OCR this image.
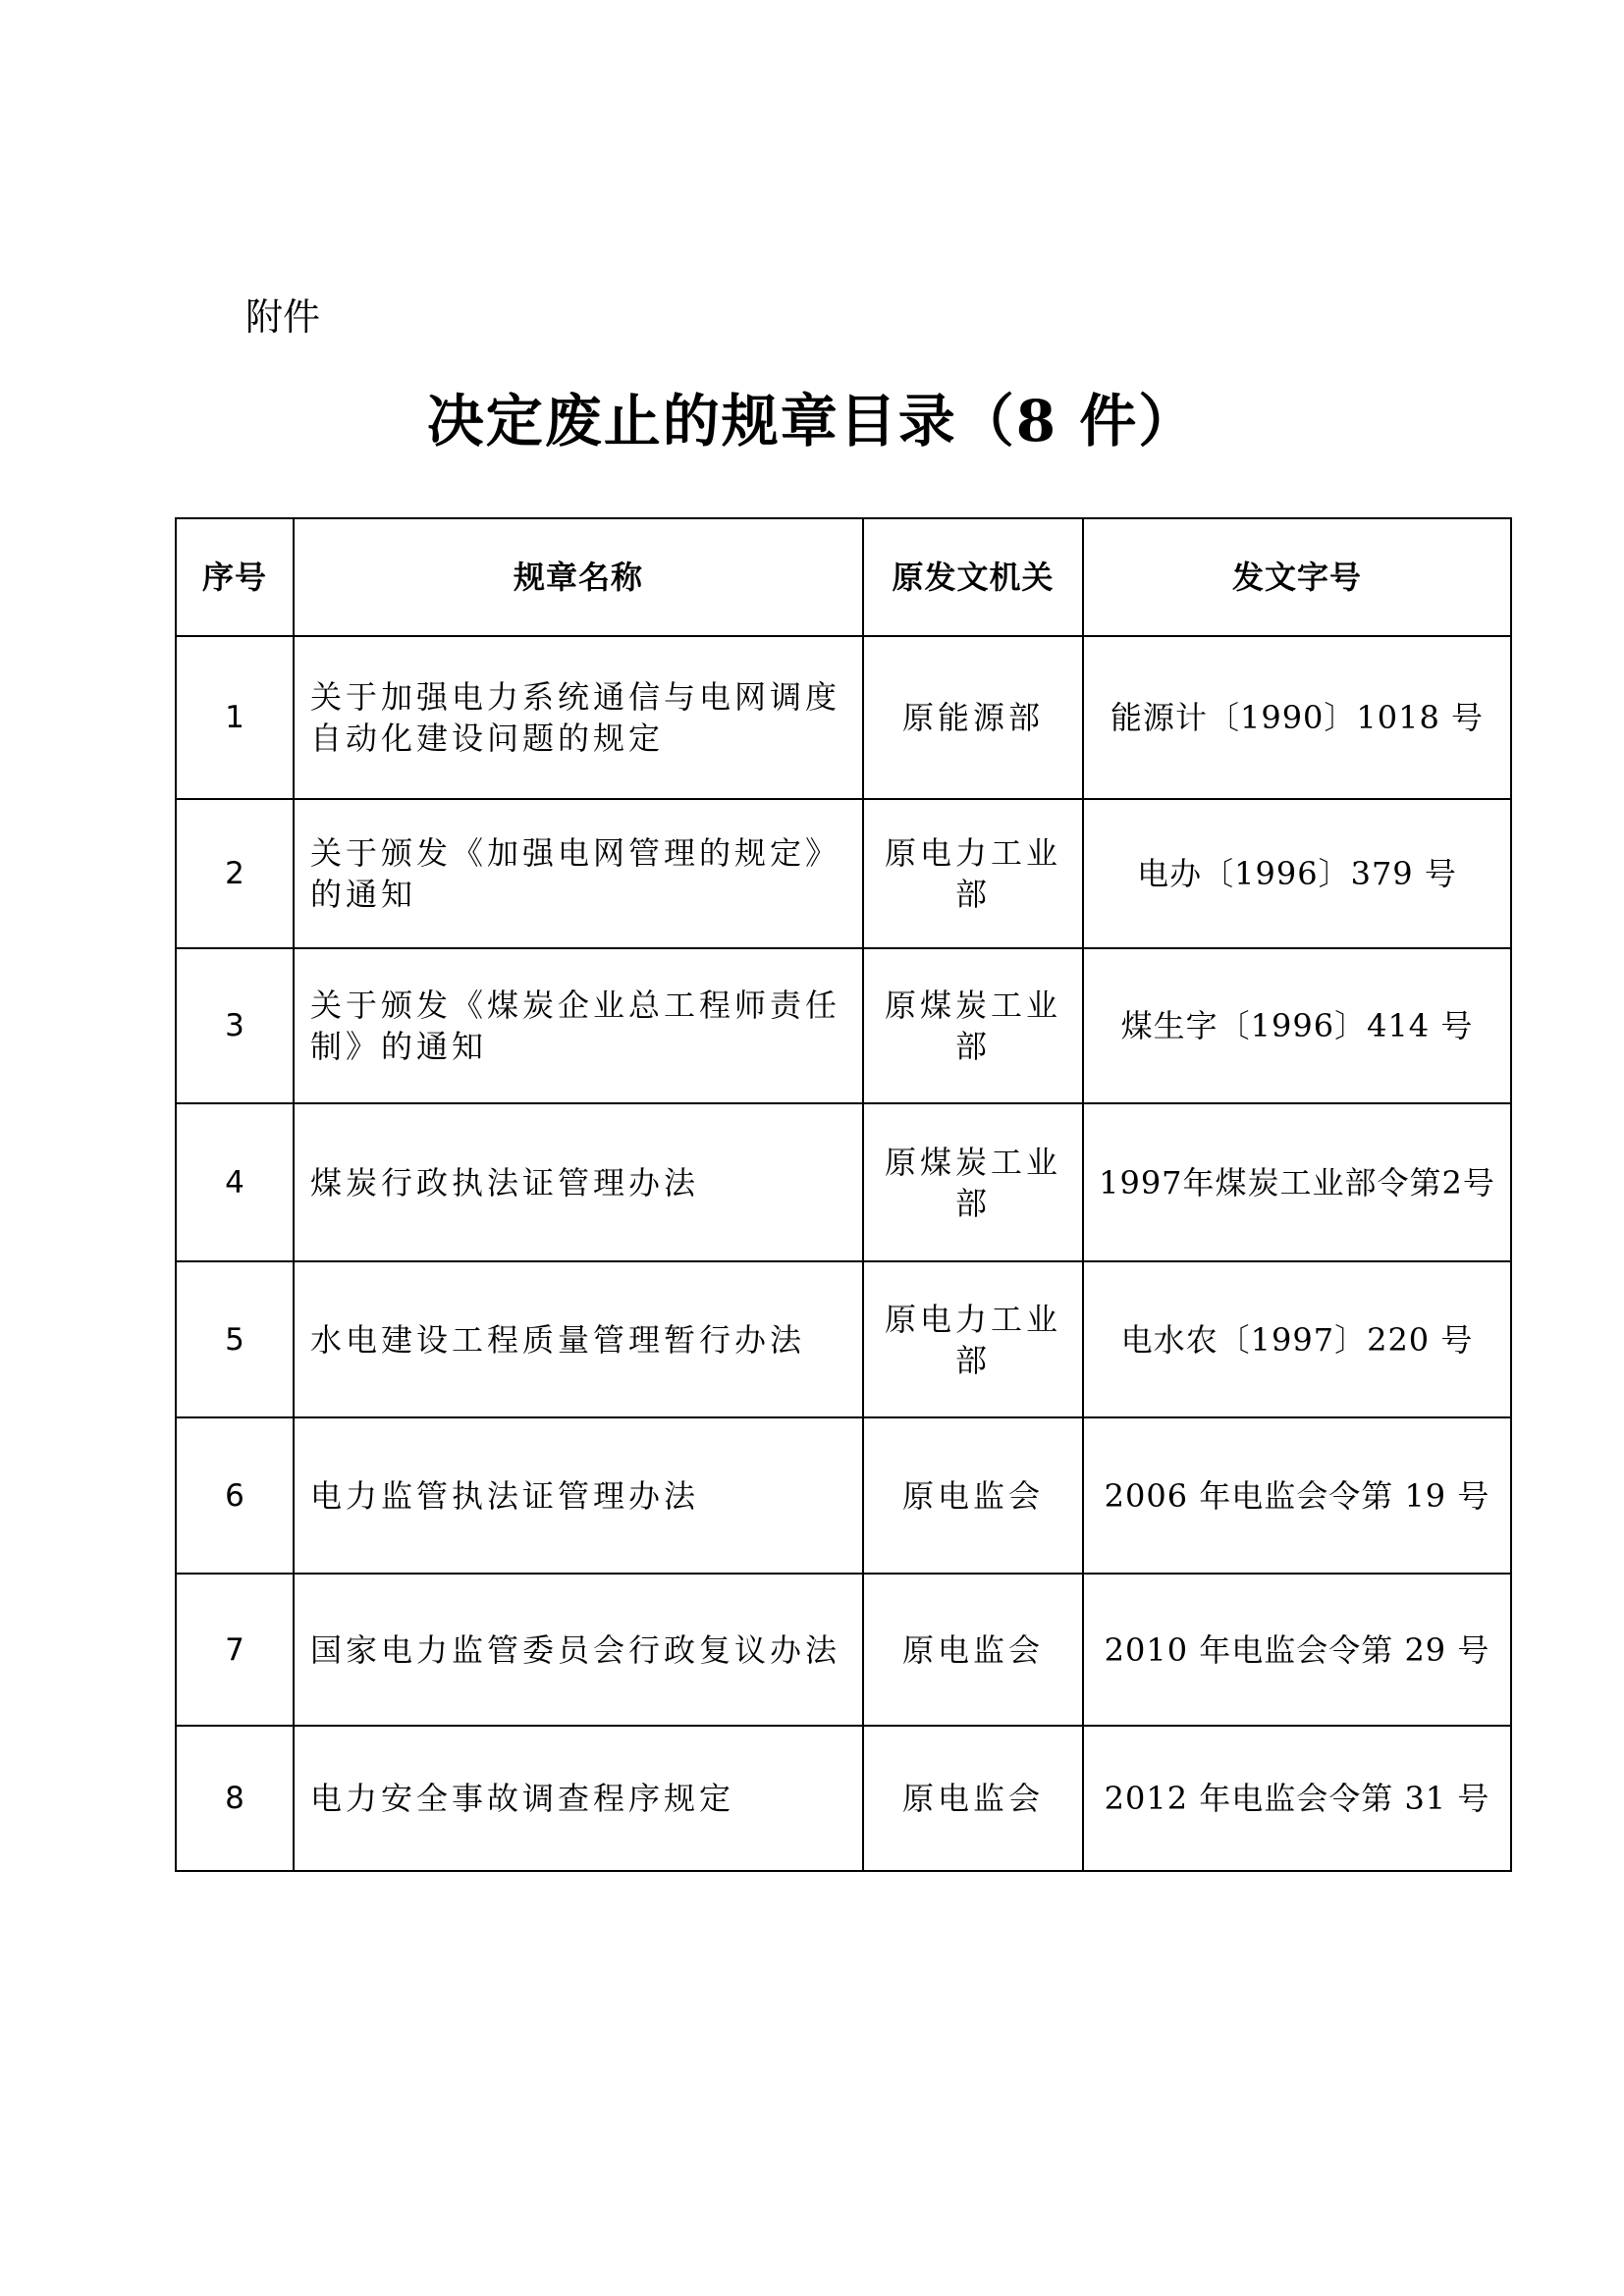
附件
决定废止的规章目录（8 件）
序号	规章名称	原发文机关	发文字号
1	关于加强电力系统通信与电网调度自动化建设问题的规定	原能源部	能源计〔1990〕1018 号
2	关于颁发《加强电网管理的规定》的通知	原电力工业部	电办〔1996〕379 号
3	关于颁发《煤炭企业总工程师责任制》的通知	原煤炭工业部	煤生字〔1996〕414 号
4	煤炭行政执法证管理办法	原煤炭工业部	1997年煤炭工业部令第2号
5	水电建设工程质量管理暂行办法	原电力工业部	电水农〔1997〕220 号
6	电力监管执法证管理办法	原电监会	2006 年电监会令第 19 号
7	国家电力监管委员会行政复议办法	原电监会	2010 年电监会令第 29 号
8	电力安全事故调查程序规定	原电监会	2012 年电监会令第 31 号
